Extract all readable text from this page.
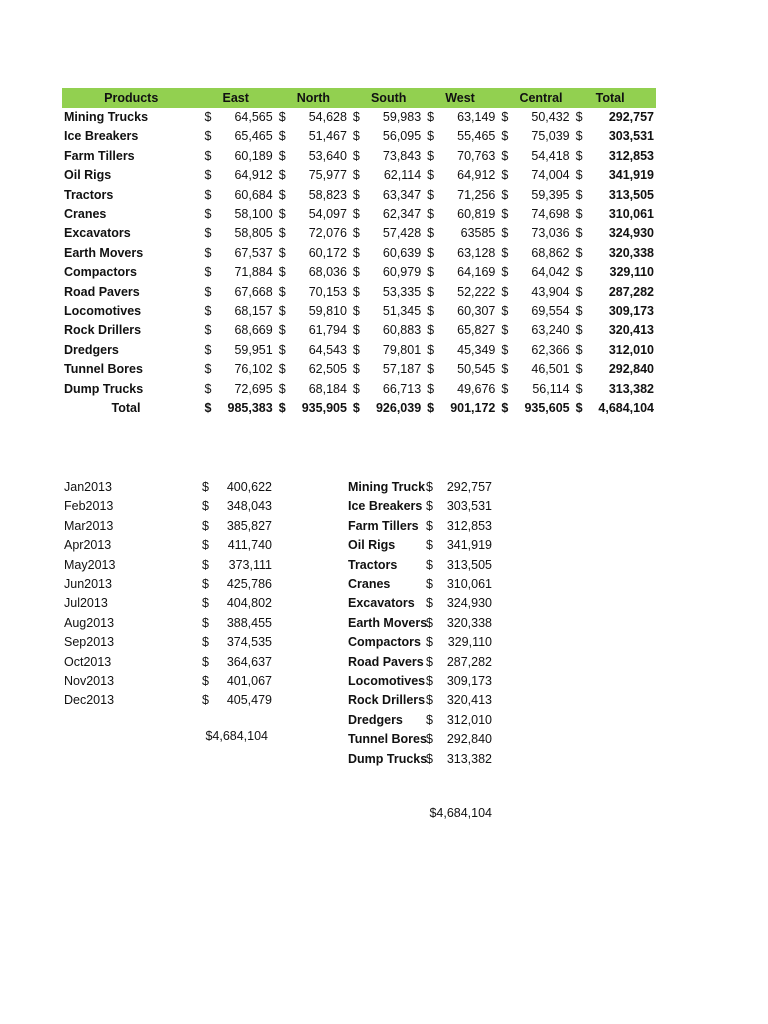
Products		East		North		South		West		Central		Total
Mining Trucks	$	64,565	$	54,628	$	59,983	$	63,149	$	50,432	$	292,757
Ice Breakers	$	65,465	$	51,467	$	56,095	$	55,465	$	75,039	$	303,531
Farm Tillers	$	60,189	$	53,640	$	73,843	$	70,763	$	54,418	$	312,853
Oil Rigs	$	64,912	$	75,977	$	62,114	$	64,912	$	74,004	$	341,919
Tractors	$	60,684	$	58,823	$	63,347	$	71,256	$	59,395	$	313,505
Cranes	$	58,100	$	54,097	$	62,347	$	60,819	$	74,698	$	310,061
Excavators	$	58,805	$	72,076	$	57,428	$	63585	$	73,036	$	324,930
Earth Movers	$	67,537	$	60,172	$	60,639	$	63,128	$	68,862	$	320,338
Compactors	$	71,884	$	68,036	$	60,979	$	64,169	$	64,042	$	329,110
Road Pavers	$	67,668	$	70,153	$	53,335	$	52,222	$	43,904	$	287,282
Locomotives	$	68,157	$	59,810	$	51,345	$	60,307	$	69,554	$	309,173
Rock Drillers	$	68,669	$	61,794	$	60,883	$	65,827	$	63,240	$	320,413
Dredgers	$	59,951	$	64,543	$	79,801	$	45,349	$	62,366	$	312,010
Tunnel Bores	$	76,102	$	62,505	$	57,187	$	50,545	$	46,501	$	292,840
Dump Trucks	$	72,695	$	68,184	$	66,713	$	49,676	$	56,114	$	313,382
Total	$	985,383	$	935,905	$	926,039	$	901,172	$	935,605	$	4,684,104
Jan2013	$ 400,622
Feb2013	$ 348,043
Mar2013	$ 385,827
Apr2013	$ 411,740
May2013	$ 373,111
Jun2013	$ 425,786
Jul2013	$ 404,802
Aug2013	$ 388,455
Sep2013	$ 374,535
Oct2013	$ 364,637
Nov2013	$ 401,067
Dec2013	$ 405,479
$4,684,104
Mining Truck	$	292,757
Ice Breakers	$	303,531
Farm Tillers	$	312,853
Oil Rigs	$	341,919
Tractors	$	313,505
Cranes	$	310,061
Excavators	$	324,930
Earth Movers	$	320,338
Compactors	$	329,110
Road Pavers	$	287,282
Locomotives	$	309,173
Rock Drillers	$	320,413
Dredgers	$	312,010
Tunnel Bores	$	292,840
Dump Trucks	$	313,382
$4,684,104
